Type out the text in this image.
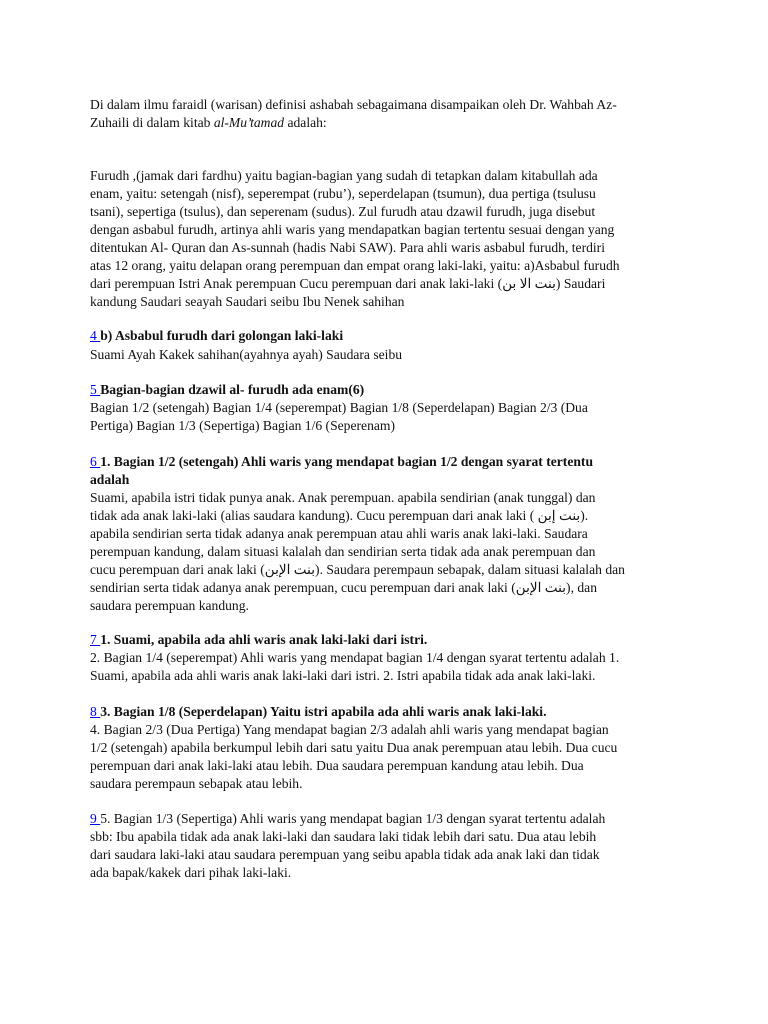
Di dalam ilmu faraidl (warisan) definisi ashabah sebagaimana disampaikan oleh Dr. Wahbah Az-
Zuhaili di dalam kitab al-Mu’tamad adalah:
Furudh ,(jamak dari fardhu) yaitu bagian-bagian yang sudah di tetapkan dalam kitabullah ada
enam, yaitu: setengah (nisf), seperempat (rubu’), seperdelapan (tsumun), dua pertiga (tsulusu
tsani), sepertiga (tsulus), dan seperenam (sudus). Zul furudh atau dzawil furudh, juga disebut
dengan asbabul furudh, artinya ahli waris yang mendapatkan bagian tertentu sesuai dengan yang
ditentukan Al- Quran dan As-sunnah (hadis Nabi SAW). Para ahli waris asbabul furudh, terdiri
atas 12 orang, yaitu delapan orang perempuan dan empat orang laki-laki, yaitu: a)Asbabul furudh
dari perempuan Istri Anak perempuan Cucu perempuan dari anak laki-laki (بنت الا بن) Saudari
kandung Saudari seayah Saudari seibu Ibu Nenek sahihan
4 b) Asbabul furudh dari golongan laki-laki
Suami Ayah Kakek sahihan(ayahnya ayah) Saudara seibu
5 Bagian-bagian dzawil al- furudh ada enam(6)
Bagian 1/2 (setengah) Bagian 1/4 (seperempat) Bagian 1/8 (Seperdelapan) Bagian 2/3 (Dua
Pertiga) Bagian 1/3 (Sepertiga) Bagian 1/6 (Seperenam)
6 1. Bagian 1/2 (setengah) Ahli waris yang mendapat bagian 1/2 dengan syarat tertentu
adalah
Suami, apabila istri tidak punya anak. Anak perempuan. apabila sendirian (anak tunggal) dan
tidak ada anak laki-laki (alias saudara kandung). Cucu perempuan dari anak laki ( بنت إبن).
apabila sendirian serta tidak adanya anak perempuan atau ahli waris anak laki-laki. Saudara
perempuan kandung, dalam situasi kalalah dan sendirian serta tidak ada anak perempuan dan
cucu perempuan dari anak laki (بنت الإبن). Saudara perempaun sebapak, dalam situasi kalalah dan
sendirian serta tidak adanya anak perempuan, cucu perempuan dari anak laki (بنت الإبن), dan
saudara perempuan kandung.
7 1. Suami, apabila ada ahli waris anak laki-laki dari istri.
2. Bagian 1/4 (seperempat) Ahli waris yang mendapat bagian 1/4 dengan syarat tertentu adalah 1.
Suami, apabila ada ahli waris anak laki-laki dari istri. 2. Istri apabila tidak ada anak laki-laki.
8 3. Bagian 1/8 (Seperdelapan) Yaitu istri apabila ada ahli waris anak laki-laki.
4. Bagian 2/3 (Dua Pertiga) Yang mendapat bagian 2/3 adalah ahli waris yang mendapat bagian
1/2 (setengah) apabila berkumpul lebih dari satu yaitu Dua anak perempuan atau lebih. Dua cucu
perempuan dari anak laki-laki atau lebih. Dua saudara perempuan kandung atau lebih. Dua
saudara perempaun sebapak atau lebih.
9 5. Bagian 1/3 (Sepertiga) Ahli waris yang mendapat bagian 1/3 dengan syarat tertentu adalah
sbb: Ibu apabila tidak ada anak laki-laki dan saudara laki tidak lebih dari satu. Dua atau lebih
dari saudara laki-laki atau saudara perempuan yang seibu apabla tidak ada anak laki dan tidak
ada bapak/kakek dari pihak laki-laki.
